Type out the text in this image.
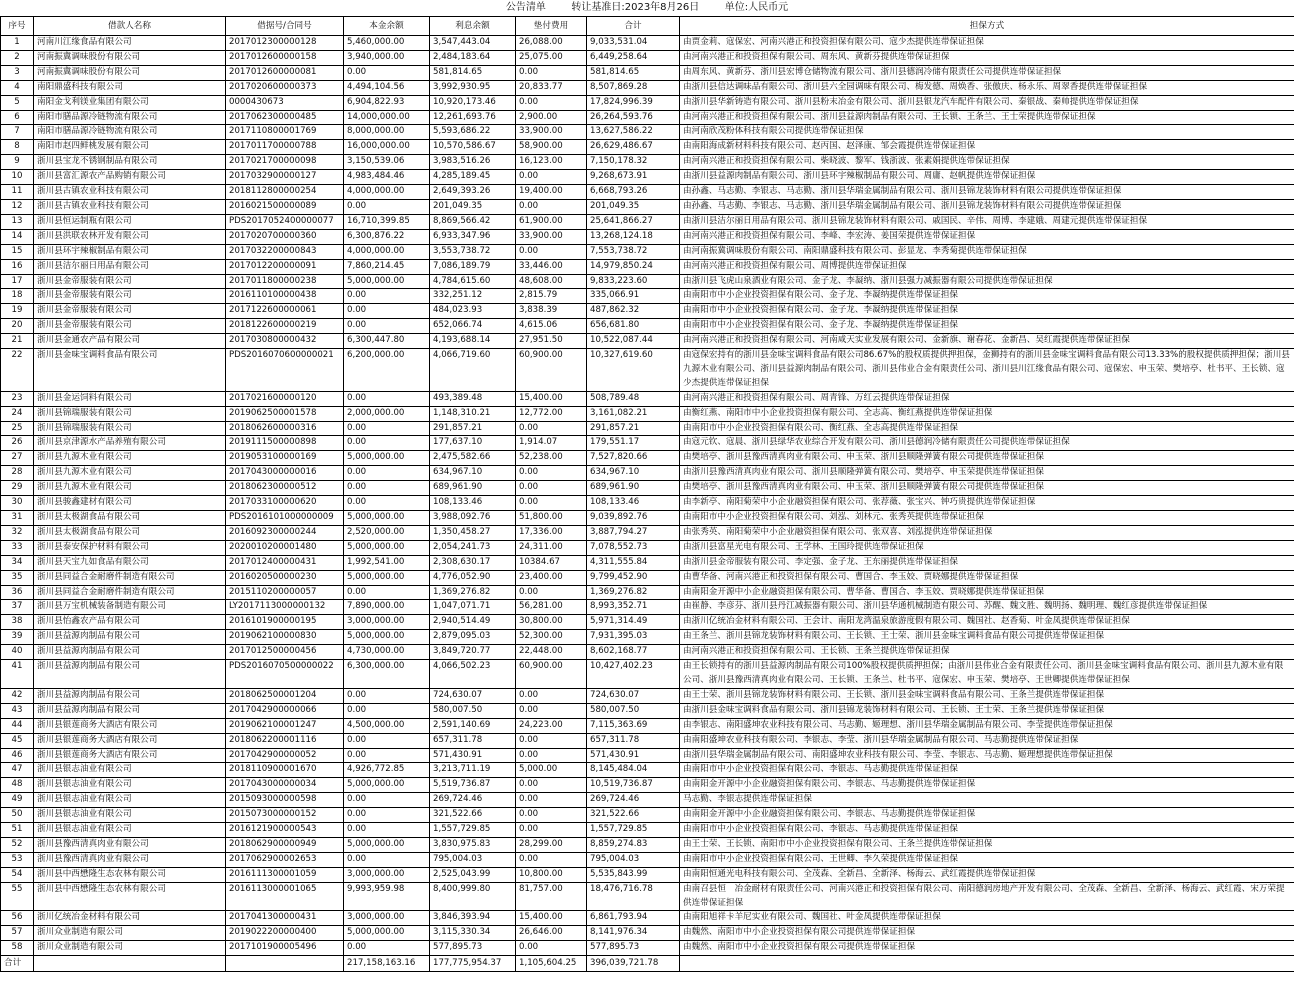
公告清单	转让基准日:2023年8月26日	单位:人民币元
序号	借款人名称	借据号/合同号	本金余额	利息余额	垫付费用	合计	担保方式
1	河南川江缘食品有限公司	2017012300000128	5,460,000.00	3,547,443.04	26,088.00	9,033,531.04	由贾金莉、寇保宏、河南兴港正和投资担保有限公司、寇少杰提供连带保证担保
2	河南振冀调味股份有限公司	2017012600000158	3,940,000.00	2,484,183.64	25,075.00	6,449,258.64	由河南兴港正和投资担保有限公司、周东风、黄新芬提供连带保证担保
3	河南振冀调味股份有限公司	2017012600000081	0.00	581,814.65	0.00	581,814.65	由周东风、黄新芬、浙川县宏博仓储物流有限公司、浙川县德润冷储有限责任公司提供连带保证担保
4	南阳鼎盛科技有限公司	2017020600000373	4,494,104.56	3,992,930.95	20,833.77	8,507,869.28	由浙川县信达调味品有限公司、浙川县六全园调味有限公司、梅发德、周焕香、张傲庆、杨永乐、周翠香提供连带保证担保
5	南阳金戈利镁业集团有限公司	0000430673	6,904,822.93	10,920,173.46	0.00	17,824,996.39	由浙川县华新铸造有限公司、浙川县粉末冶金有限公司、浙川县银龙汽车配件有限公司、秦银战、秦帅提供连带保证担保
6	南阳市膳品源冷链物流有限公司	2017062300000485	14,000,000.00	12,261,693.76	2,900.00	26,264,593.76	由河南兴港正和投资担保有限公司、浙川县益源肉制品有限公司、王长锁、王条兰、王士荣提供连带保证担保
7	南阳市膳品源冷链物流有限公司	2017110800001769	8,000,000.00	5,593,686.22	33,900.00	13,627,586.22	由河南欣茂粉体科技有限公司提供连带保证担保
8	南阳市赵四鲜桃发展有限公司	2017011700000788	16,000,000.00	10,570,586.67	58,900.00	26,629,486.67	由南阳海成新材料科技有限公司、赵丙国、赵泽康、邹会霞提供连带保证担保
9	浙川县宝龙不锈钢制品有限公司	2017021700000098	3,150,539.06	3,983,516.26	16,123.00	7,150,178.32	由河南兴港正和投资担保有限公司、柴晓波、黎军、钱浙波、张素娟提供连带保证担保
10	浙川县富汇源农产品购销有限公司	2017032900000127	4,983,484.46	4,285,189.45	0.00	9,268,673.91	由浙川县益源肉制品有限公司、浙川县环宇辣椒制品有限公司、周庸、赵帆提供连带保证担保
11	浙川县古镇农业科技有限公司	2018112800000254	4,000,000.00	2,649,393.26	19,400.00	6,668,793.26	由孙鑫、马志勤、李银志、马志勤、浙川县华瑞金属制品有限公司、浙川县锦龙装饰材料有限公司提供连带保证担保
12	浙川县古镇农业科技有限公司	2016021500000089	0.00	201,049.35	0.00	201,049.35	由孙鑫、马志勤、李银志、马志勤、浙川县华瑞金属制品有限公司、浙川县锦龙装饰材料有限公司提供连带保证担保
13	浙川县恒运制瓶有限公司	PDS2017052400000077	16,710,399.85	8,869,566.42	61,900.00	25,641,866.27	由浙川县洁尔丽日用品有限公司、浙川县锦龙装饰材料有限公司、戚国民、辛伟、周博、李建娥、周建元提供连带保证担保
14	浙川县洪联农林开发有限公司	2017020700000360	6,300,876.22	6,933,347.96	33,900.00	13,268,124.18	由河南兴港正和投资担保有限公司、李峰、李宏涛、姜国荣提供连带保证担保
15	浙川县环宇辣椒制品有限公司	2017032200000843	4,000,000.00	3,553,738.72	0.00	7,553,738.72	由河南振冀调味股份有限公司、南阳鼎盛科技有限公司、彭显龙、李秀菊提供连带保证担保
16	浙川县洁尔丽日用品有限公司	2017012200000091	7,860,214.45	7,086,189.79	33,446.00	14,979,850.24	由河南兴港正和投资担保有限公司、周博提供连带保证担保
17	浙川县金帝服装有限公司	2017011800000238	5,000,000.00	4,784,615.60	48,608.00	9,833,223.60	由浙川县飞虎山泉酒业有限公司、金子龙、李凝纳、浙川县强力减振器有限公司提供连带保证担保
18	浙川县金帝服装有限公司	2016110100000438	0.00	332,251.12	2,815.79	335,066.91	由南阳市中小企业投资担保有限公司、金子龙、李凝纳提供连带保证担保
19	浙川县金帝服装有限公司	2017122600000061	0.00	484,023.93	3,838.39	487,862.32	由南阳市中小企业投资担保有限公司、金子龙、李凝纳提供连带保证担保
20	浙川县金帝服装有限公司	2018122600000219	0.00	652,066.74	4,615.06	656,681.80	由南阳市中小企业投资担保有限公司、金子龙、李凝纳提供连带保证担保
21	浙川县金通农产品有限公司	2017030800000432	6,300,447.80	4,193,688.14	27,951.50	10,522,087.44	由河南兴港正和投资担保有限公司、河南咸天实业发展有限公司、金新旗、谢春花、金新昌、吴红霞提供连带保证担保
22	浙川县金味宝调料食品有限公司	PDS2016070600000021	6,200,000.00	4,066,719.60	60,900.00	10,327,619.60	由寇保宏持有的浙川县金味宝调料食品有限公司86.67%的股权质提供押担保，金狮持有的浙川县金味宝调料食品有限公司13.33%的股权提供质押担保；浙川县九源木业有限公司、浙川县益源肉制品有限公司、浙川县伟业合金有限责任公司、浙川县川江缘食品有限公司、寇保宏、申玉荣、樊培亭、杜书平、王长锁、寇少杰提供连带保证担保
23	浙川县金运饲料有限公司	2017021600000120	0.00	493,389.48	15,400.00	508,789.48	由河南兴港正和投资担保有限公司、周青锋、万红云提供连带保证担保
24	浙川县锦瑞服装有限公司	2019062500001578	2,000,000.00	1,148,310.21	12,772.00	3,161,082.21	由衡红燕、南阳市中小企业投资担保有限公司、全志高、衡红燕提供连带保证担保
25	浙川县锦瑞服装有限公司	2018062600000316	0.00	291,857.21	0.00	291,857.21	由南阳市中小企业投资担保有限公司、衡红燕、全志高提供连带保证担保
26	浙川县京津源水产品养殖有限公司	2019111500000898	0.00	177,637.10	1,914.07	179,551.17	由寇元钦、寇晨、浙川县绿华农业综合开发有限公司、浙川县德润冷储有限责任公司提供连带保证担保
27	浙川县九源木业有限公司	2019053100000169	5,000,000.00	2,475,582.66	52,238.00	7,527,820.66	由樊培亭、浙川县豫西清真肉业有限公司、申玉荣、浙川县顺隆弹簧有限公司提供连带保证担保
28	浙川县九源木业有限公司	2017043000000016	0.00	634,967.10	0.00	634,967.10	由浙川县豫西清真肉业有限公司、浙川县顺隆弹簧有限公司、樊培亭、申玉荣提供连带保证担保
29	浙川县九源木业有限公司	2018062300000512	0.00	689,961.90	0.00	689,961.90	由樊培亭、浙川县豫西清真肉业有限公司、申玉荣、浙川县顺隆弹簧有限公司提供连带保证担保
30	浙川县骏鑫建材有限公司	2017033100000620	0.00	108,133.46	0.00	108,133.46	由李新亭、南阳菊荣中小企业融资担保有限公司、张荐薇、张宝兴、钟巧贵提供连带保证担保
31	浙川县太极湖食品有限公司	PDS2016101000000009	5,000,000.00	3,988,092.76	51,800.00	9,039,892.76	由南阳市中小企业投资担保有限公司、刘泓、刘林元、张秀英提供连带保证担保
32	浙川县太极湖食品有限公司	2016092300000244	2,520,000.00	1,350,458.27	17,336.00	3,887,794.27	由张秀英、南阳菊荣中小企业融资担保有限公司、张双喜、刘泓提供连带保证担保
33	浙川县泰安保护材料有限公司	2020010200001480	5,000,000.00	2,054,241.73	24,311.00	7,078,552.73	由浙川县富星光电有限公司、王学林、王国玲提供连带保证担保
34	浙川县天宝九如食品有限公司	2017012400000431	1,992,541.00	2,308,630.17	10384.67	4,311,555.84	由浙川县金帝服装有限公司、李定强、金子龙、王东丽提供连带保证担保
35	浙川县同益合金耐磨件制造有限公司	2016020500000230	5,000,000.00	4,776,052.90	23,400.00	9,799,452.90	由曹华备、河南兴港正和投资担保有限公司、曹国合、李玉姣、贾晓娜提供连带保证担保
36	浙川县同益合金耐磨件制造有限公司	2015110200000057	0.00	1,369,276.82	0.00	1,369,276.82	由南阳金开源中小企业融资担保有限公司、曹华备、曹国合、李玉姣、贾晓娜提供连带保证担保
37	浙川县万宝机械装备制造有限公司	LY2017113000000132	7,890,000.00	1,047,071.71	56,281.00	8,993,352.71	由崔静、李彦芬、浙川县丹江减振器有限公司、浙川县华通机械制造有限公司、苏醒、魏文胜、魏明扬、魏明理、魏红彦提供连带保证担保
38	浙川县怡鑫农产品有限公司	2016101900000195	3,000,000.00	2,940,514.49	30,800.00	5,971,314.49	由浙川亿统冶金材料有限公司、王会计、南阳龙湾温泉旅游度假有限公司、魏国社、赵香菊、叶金凤提供连带保证担保
39	浙川县益源肉制品有限公司	2019062100000830	5,000,000.00	2,879,095.03	52,300.00	7,931,395.03	由王条兰、浙川县锦龙装饰材料有限公司、王长锁、王士荣、浙川县金味宝调料食品有限公司提供连带保证担保
40	浙川县益源肉制品有限公司	2017012500000456	4,730,000.00	3,849,720.77	22,448.00	8,602,168.77	由河南兴港正和投资担保有限公司、王长锁、王条兰提供连带保证担保
41	浙川县益源肉制品有限公司	PDS2016070500000022	6,300,000.00	4,066,502.23	60,900.00	10,427,402.23	由王长锁持有的浙川县益源肉制品有限公司100%股权提供质押担保；由浙川县伟业合金有限责任公司、浙川县金味宝调料食品有限公司、浙川县九源木业有限公司、浙川县豫西清真肉业有限公司、王长锁、王条兰、杜书平、寇保宏、申玉荣、樊培亭、王世卿提供连带保证担保
42	浙川县益源肉制品有限公司	2018062500001204	0.00	724,630.07	0.00	724,630.07	由王士荣、浙川县锦龙装饰材料有限公司、王长锁、浙川县金味宝调料食品有限公司、王条兰提供连带保证担保
43	浙川县益源肉制品有限公司	2017042900000066	0.00	580,007.50	0.00	580,007.50	由浙川县金味宝调料食品有限公司、浙川县锦龙装饰材料有限公司、王长锁、王士荣、王条兰提供连带保证担保
44	浙川县银莲商务大酒店有限公司	2019062100001247	4,500,000.00	2,591,140.69	24,223.00	7,115,363.69	由李银志、南阳盛坤农业科技有限公司、马志勤、姬理想、浙川县华瑞金属制品有限公司、李莹提供连带保证担保
45	浙川县银莲商务大酒店有限公司	2018062200001116	0.00	657,311.78	0.00	657,311.78	由南阳盛坤农业科技有限公司、李银志、李莹、浙川县华瑞金属制品有限公司、马志勤提供连带保证担保
46	浙川县银莲商务大酒店有限公司	2017042900000052	0.00	571,430.91	0.00	571,430.91	由浙川县华瑞金属制品有限公司、南阳盛坤农业科技有限公司、李莹、李银志、马志勤、姬理想提供连带保证担保
47	浙川县银志油业有限公司	2018110900001670	4,926,772.85	3,213,711.19	5,000.00	8,145,484.04	由南阳市中小企业投资担保有限公司、李银志、马志勤提供连带保证担保
48	浙川县银志油业有限公司	2017043000000034	5,000,000.00	5,519,736.87	0.00	10,519,736.87	由南阳金开源中小企业融资担保有限公司、李银志、马志勤提供连带保证担保
49	浙川县银志油业有限公司	2015093000000598	0.00	269,724.46	0.00	269,724.46	马志勤、李银志提供连带保证担保
50	浙川县银志油业有限公司	2015073000000152	0.00	321,522.66	0.00	321,522.66	由南阳金开源中小企业融资担保有限公司、李银志、马志勤提供连带保证担保
51	浙川县银志油业有限公司	2016121900000543	0.00	1,557,729.85	0.00	1,557,729.85	由南阳市中小企业投资担保有限公司、李银志、马志勤提供连带保证担保
52	浙川县豫西清真肉业有限公司	2018062900000949	5,000,000.00	3,830,975.83	28,299.00	8,859,274.83	由王士荣、王长锁、南阳市中小企业投资担保有限公司、王条兰提供连带保证担保
53	浙川县豫西清真肉业有限公司	2017062900002653	0.00	795,004.03	0.00	795,004.03	由南阳市中小企业投资担保有限公司、王世卿、李久荣提供连带保证担保
54	浙川县中西懋隆生态农林有限公司	2016111300001059	3,000,000.00	2,525,043.99	10,800.00	5,535,843.99	由南阳恒通光电科技有限公司、全茂森、全新昌、全新泽、杨海云、武红霞提供连带保证担保
55	浙川县中西懋隆生态农林有限公司	2016113000001065	9,993,959.98	8,400,999.80	81,757.00	18,476,716.78	由南召县恒　冶金耐材有限责任公司、河南兴港正和投资担保有限公司、南阳德润房地产开发有限公司、全茂森、全新昌、全新泽、杨海云、武红霞、宋万荣提供连带保证担保
56	浙川亿统冶金材料有限公司	2017041300000431	3,000,000.00	3,846,393.94	15,400.00	6,861,793.94	由南阳旭祥卡羊尼实业有限公司、魏国社、叶金凤提供连带保证担保
57	浙川众业制造有限公司	2019022200000400	5,000,000.00	3,115,330.34	26,646.00	8,141,976.34	由魏然、南阳市中小企业投资担保有限公司提供连带保证担保
58	浙川众业制造有限公司	2017101900005496	0.00	577,895.73	0.00	577,895.73	由魏然、南阳市中小企业投资担保有限公司提供连带保证担保
合计			217,158,163.16	177,775,954.37	1,105,604.25	396,039,721.78	
